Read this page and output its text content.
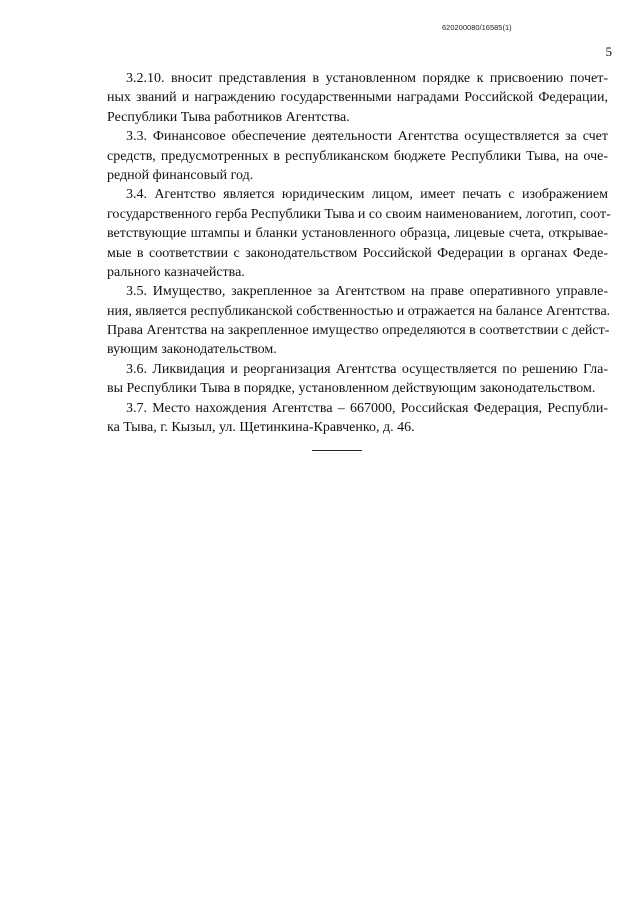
620200080/16585(1)
5
3.2.10. вносит представления в установленном порядке к присвоению почет-
ных званий и награждению государственными наградами Российской Федерации,
Республики Тыва работников Агентства.
3.3. Финансовое обеспечение деятельности Агентства осуществляется за счет
средств, предусмотренных в республиканском бюджете Республики Тыва, на оче-
редной финансовый год.
3.4. Агентство является юридическим лицом, имеет печать с изображением
государственного герба Республики Тыва и со своим наименованием, логотип, соот-
ветствующие штампы и бланки установленного образца, лицевые счета, открывае-
мые в соответствии с законодательством Российской Федерации в органах Феде-
рального казначейства.
3.5. Имущество, закрепленное за Агентством на праве оперативного управле-
ния, является республиканской собственностью и отражается на балансе Агентства.
Права Агентства на закрепленное имущество определяются в соответствии с дейст-
вующим законодательством.
3.6. Ликвидация и реорганизация Агентства осуществляется по решению Гла-
вы Республики Тыва в порядке, установленном действующим законодательством.
3.7. Место нахождения Агентства – 667000, Российская Федерация, Республи-
ка Тыва, г. Кызыл, ул. Щетинкина-Кравченко, д. 46.
